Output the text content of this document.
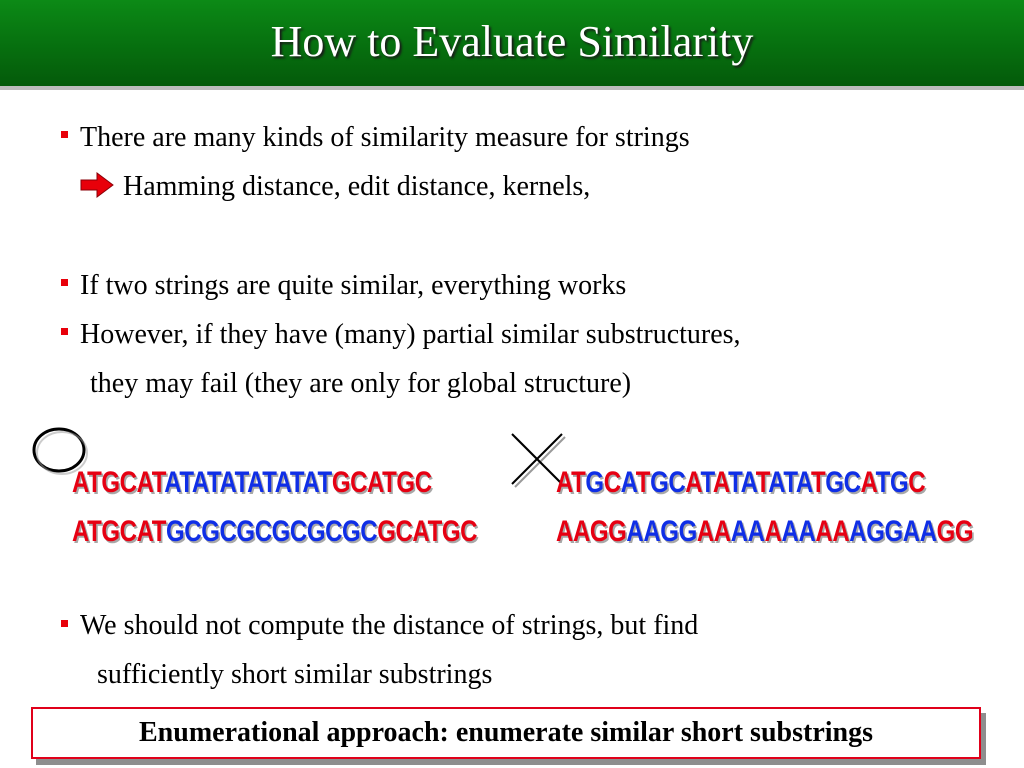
How to Evaluate Similarity
There are many kinds of similarity measure for strings
Hamming distance, edit distance, kernels,
If two strings are quite similar, everything works
However, if they have (many) partial similar substructures,
they may fail (they are only for global structure)
ATGCATATATATATATATGCATGC
ATGCATGCGCGCGCGCGCGCATGC
ATGCATGCATATATATATGCATGC
AAGGAAGGAAAAAAAAAAGGAAGG
We should not compute the distance of strings, but find
sufficiently short similar substrings
Enumerational approach: enumerate similar short substrings
